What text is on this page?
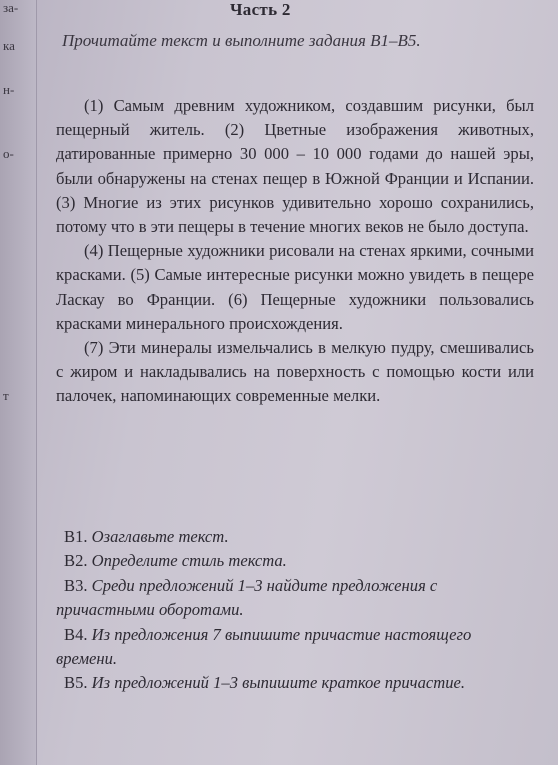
за-
ка
н-
о-
т
Часть 2
Прочитайте текст и выполните задания В1–В5.

(1) Самым древним художником, создавшим рисунки, был пещерный житель. (2) Цветные изображения животных, датированные примерно 30 000 – 10 000 годами до нашей эры, были обнаружены на стенах пещер в Южной Франции и Испании. (3) Многие из этих рисунков удивительно хорошо сохранились, потому что в эти пещеры в течение многих веков не было доступа.

(4) Пещерные художники рисовали на стенах яркими, сочными красками. (5) Самые интересные рисунки можно увидеть в пещере Ласкау во Франции. (6) Пещерные художники пользовались красками минерального происхождения.

(7) Эти минералы измельчались в мелкую пудру, смешивались с жиром и накладывались на поверхность с помощью кости или палочек, напоминающих современные мелки.

В1. Озаглавьте текст.

В2. Определите стиль текста.

В3. Среди предложений 1–3 найдите предложения с причастными оборотами.

В4. Из предложения 7 выпишите причастие настоящего времени.

В5. Из предложений 1–3 выпишите краткое причастие.
